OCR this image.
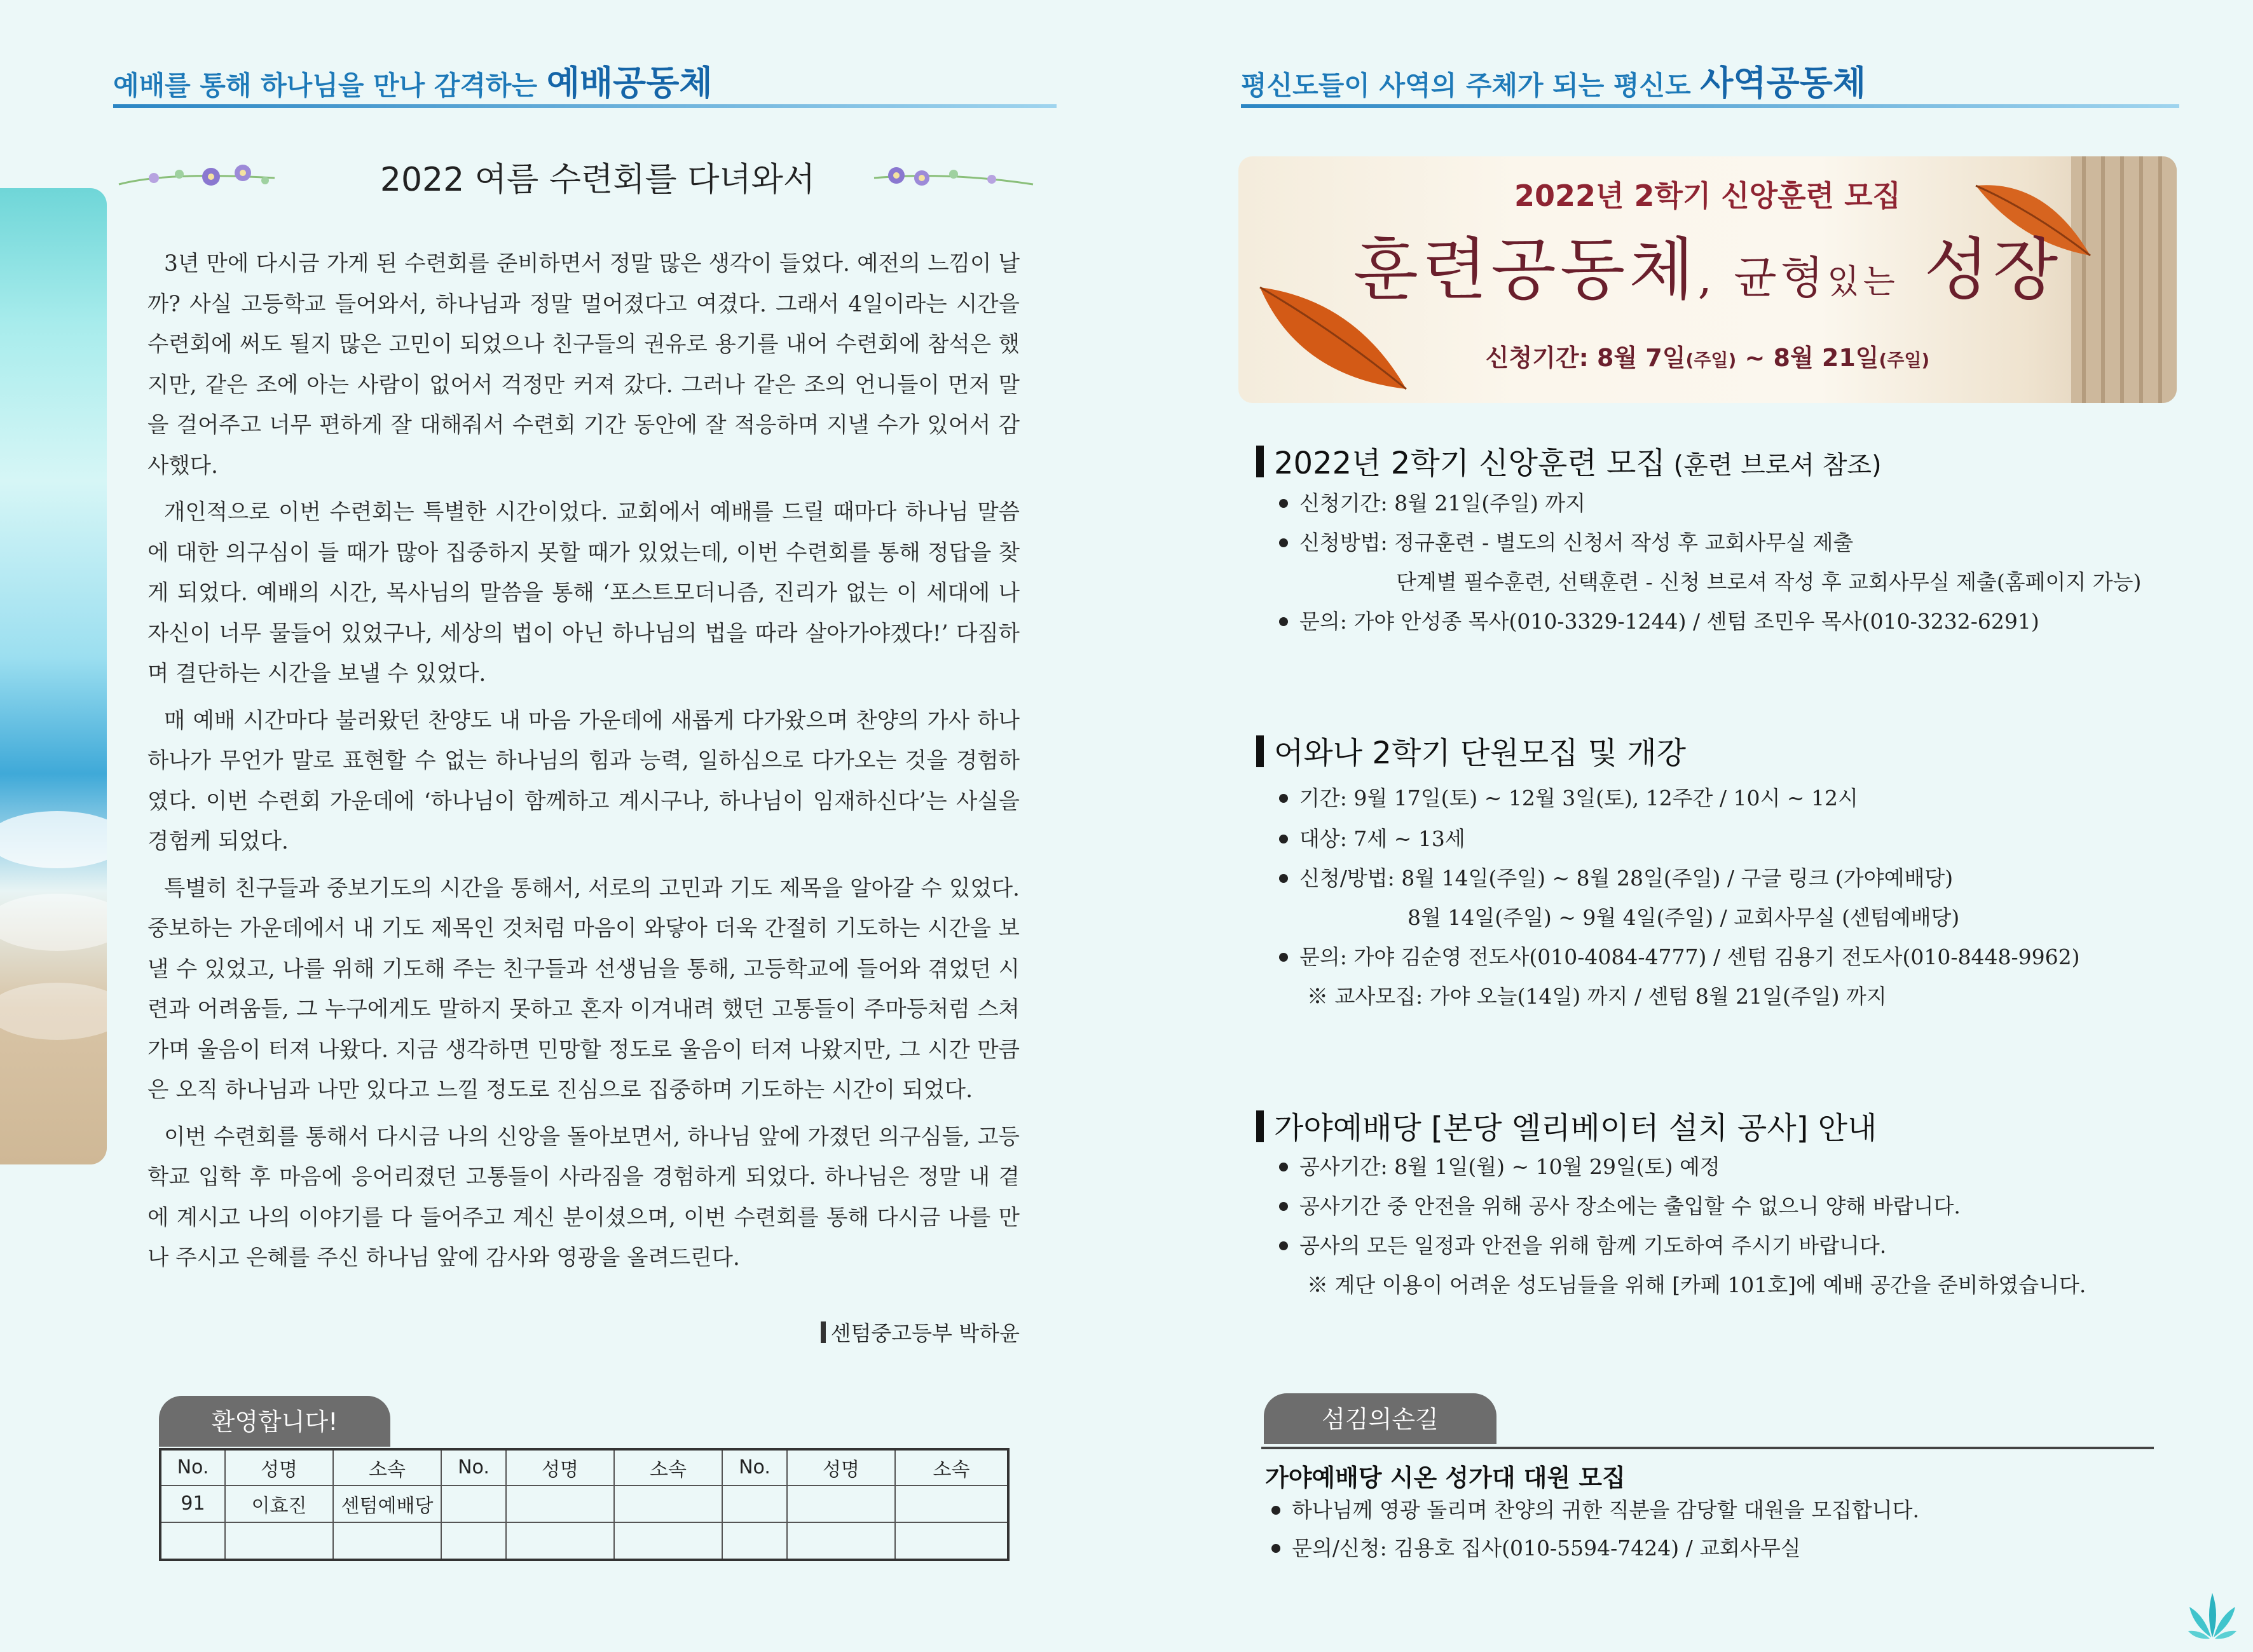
예배를 통해 하나님을 만나 감격하는 예배공동체
2022 여름 수련회를 다녀와서

3년 만에 다시금 가게 된 수련회를 준비하면서 정말 많은 생각이 들었다. 예전의 느낌이 날까? 사실 고등학교 들어와서, 하나님과 정말 멀어졌다고 여겼다. 그래서 4일이라는 시간을 수련회에 써도 될지 많은 고민이 되었으나 친구들의 권유로 용기를 내어 수련회에 참석은 했지만, 같은 조에 아는 사람이 없어서 걱정만 커져 갔다. 그러나 같은 조의 언니들이 먼저 말을 걸어주고 너무 편하게 잘 대해줘서 수련회 기간 동안에 잘 적응하며 지낼 수가 있어서 감사했다.

개인적으로 이번 수련회는 특별한 시간이었다. 교회에서 예배를 드릴 때마다 하나님 말씀에 대한 의구심이 들 때가 많아 집중하지 못할 때가 있었는데, 이번 수련회를 통해 정답을 찾게 되었다. 예배의 시간, 목사님의 말씀을 통해 ‘포스트모더니즘, 진리가 없는 이 세대에 나 자신이 너무 물들어 있었구나, 세상의 법이 아닌 하나님의 법을 따라 살아가야겠다!’ 다짐하며 결단하는 시간을 보낼 수 있었다.

매 예배 시간마다 불러왔던 찬양도 내 마음 가운데에 새롭게 다가왔으며 찬양의 가사 하나 하나가 무언가 말로 표현할 수 없는 하나님의 힘과 능력, 일하심으로 다가오는 것을 경험하였다. 이번 수련회 가운데에 ‘하나님이 함께하고 계시구나, 하나님이 임재하신다’는 사실을 경험케 되었다.

특별히 친구들과 중보기도의 시간을 통해서, 서로의 고민과 기도 제목을 알아갈 수 있었다. 중보하는 가운데에서 내 기도 제목인 것처럼 마음이 와닿아 더욱 간절히 기도하는 시간을 보낼 수 있었고, 나를 위해 기도해 주는 친구들과 선생님을 통해, 고등학교에 들어와 겪었던 시련과 어려움들, 그 누구에게도 말하지 못하고 혼자 이겨내려 했던 고통들이 주마등처럼 스쳐가며 울음이 터져 나왔다. 지금 생각하면 민망할 정도로 울음이 터져 나왔지만, 그 시간 만큼은 오직 하나님과 나만 있다고 느낄 정도로 진심으로 집중하며 기도하는 시간이 되었다.

이번 수련회를 통해서 다시금 나의 신앙을 돌아보면서, 하나님 앞에 가졌던 의구심들, 고등학교 입학 후 마음에 응어리졌던 고통들이 사라짐을 경험하게 되었다. 하나님은 정말 내 곁에 계시고 나의 이야기를 다 들어주고 계신 분이셨으며, 이번 수련회를 통해 다시금 나를 만나 주시고 은혜를 주신 하나님 앞에 감사와 영광을 올려드린다.

센텀중고등부 박하윤
환영합니다!
No.	성명	소속	No.	성명	소속	No.	성명	소속
91	이효진	센텀예배당						

평신도들이 사역의 주체가 되는 평신도 사역공동체
2022년 2학기 신앙훈련 모집
훈련공동체, 균형있는 성장
신청기간: 8월 7일(주일) ~ 8월 21일(주일)
2022년 2학기 신앙훈련 모집 (훈련 브로셔 참조)
신청기간: 8월 21일(주일) 까지
신청방법: 정규훈련 - 별도의 신청서 작성 후 교회사무실 제출
단계별 필수훈련, 선택훈련 - 신청 브로셔 작성 후 교회사무실 제출(홈페이지 가능)
문의: 가야 안성종 목사(010-3329-1244) / 센텀 조민우 목사(010-3232-6291)
어와나 2학기 단원모집 및 개강
기간: 9월 17일(토) ~ 12월 3일(토), 12주간 / 10시 ~ 12시
대상: 7세 ~ 13세
신청/방법: 8월 14일(주일) ~ 8월 28일(주일) / 구글 링크 (가야예배당)
8월 14일(주일) ~ 9월 4일(주일) / 교회사무실 (센텀예배당)
문의: 가야 김순영 전도사(010-4084-4777) / 센텀 김용기 전도사(010-8448-9962)
※ 교사모집: 가야 오늘(14일) 까지 / 센텀 8월 21일(주일) 까지
가야예배당 [본당 엘리베이터 설치 공사] 안내
공사기간: 8월 1일(월) ~ 10월 29일(토) 예정
공사기간 중 안전을 위해 공사 장소에는 출입할 수 없으니 양해 바랍니다.
공사의 모든 일정과 안전을 위해 함께 기도하여 주시기 바랍니다.
※ 계단 이용이 어려운 성도님들을 위해 [카페 101호]에 예배 공간을 준비하였습니다.
섬김의손길
가야예배당 시온 성가대 대원 모집
하나님께 영광 돌리며 찬양의 귀한 직분을 감당할 대원을 모집합니다.
문의/신청: 김용호 집사(010-5594-7424) / 교회사무실
